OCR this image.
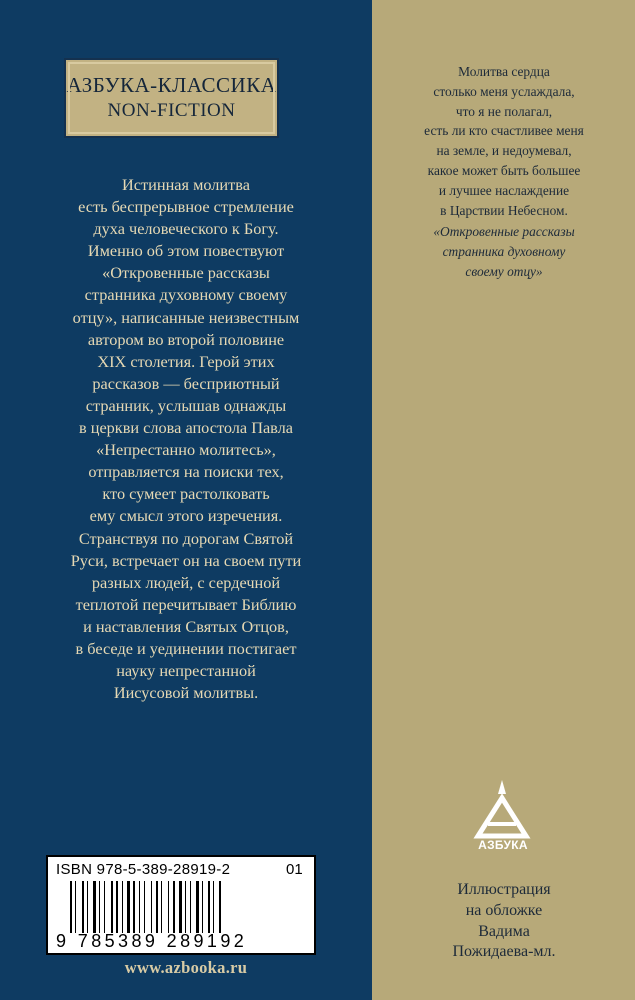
АЗБУКА-КЛАССИКА
NON-FICTION
Истинная молитва
есть беспрерывное стремление
духа человеческого к Богу.
Именно об этом повествуют
«Откровенные рассказы
странника духовному своему
отцу», написанные неизвестным
автором во второй половине
XIX столетия. Герой этих
рассказов — бесприютный
странник, услышав однажды
в церкви слова апостола Павла
«Непрестанно молитесь»,
отправляется на поиски тех,
кто сумеет растолковать
ему смысл этого изречения.
Странствуя по дорогам Святой
Руси, встречает он на своем пути
разных людей, с сердечной
теплотой перечитывает Библию
и наставления Святых Отцов,
в беседе и уединении постигает
науку непрестанной
Иисусовой молитвы.
ISBN 978-5-389-28919-2	01
9 785389 289192
www.azbooka.ru
Молитва сердца
столько меня услаждала,
что я не полагал,
есть ли кто счастливее меня
на земле, и недоумевал,
какое может быть большее
и лучшее наслаждение
в Царствии Небесном.
«Откровенные рассказы
странника духовному
своему отцу»
АЗБУКА
Иллюстрация
на обложке
Вадима
Пожидаева-мл.
